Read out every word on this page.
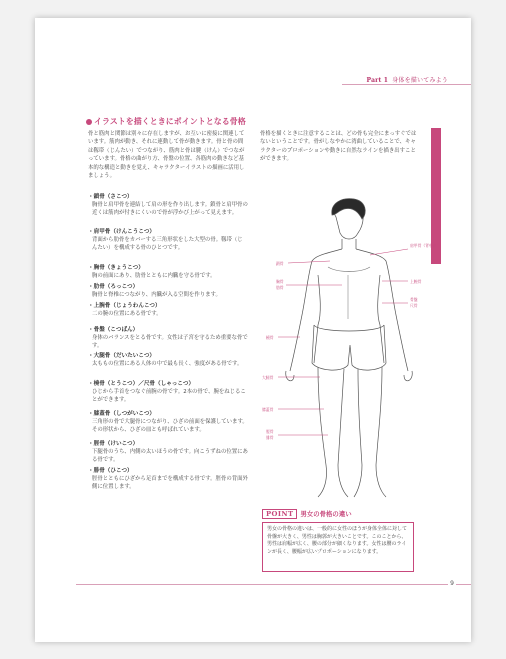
Part 1 身体を描いてみよう
イラストを描くときにポイントとなる骨格
骨と筋肉と関節は別々に存在しますが、お互いに密接に関連しています。筋肉が動き、それに連動して骨が動きます。骨と骨の間は靱帯（じんたい）でつながり、筋肉と骨は腱（けん）でつながっています。骨格の曲がり方、骨盤の位置、各筋肉の動きなど基本的な構造と動きを覚え、キャラクターイラストの描画に活用しましょう。
・鎖骨（さこつ）
胸骨と肩甲骨を連結して肩の形を作り出します。鎖骨と肩甲骨の近くは筋肉が付きにくいので骨が浮かび上がって見えます。
・肩甲骨（けんこうこつ）
背面から肋骨をカバーする三角形状をした大型の骨。靱帯（じんたい）を構成する骨のひとつです。
・胸骨（きょうこつ）
胸の前面にあり、肋骨とともに内臓を守る骨です。
・肋骨（ろっこつ）
胸骨と脊椎につながり、内臓が入る空間を作ります。
・上腕骨（じょうわんこつ）
二の腕の位置にある骨です。
・骨盤（こつばん）
身体のバランスをとる骨です。女性は子宮を守るため重要な骨です。
・大腿骨（だいたいこつ）
太ももの位置にある人体の中で最も長く、強度がある骨です。
・橈骨（とうこつ）／尺骨（しゃっこつ）
ひじから手首をつなぐ前腕の骨です。2本の骨で、腕をねじることができます。
・膝蓋骨（しつがいこつ）
三角形の骨で大腿骨につながり、ひざの前面を保護しています。その形状から、ひざの皿とも呼ばれています。
・脛骨（けいこつ）
下腿骨のうち、内側の太いほうの骨です。向こうずねの位置にある骨です。
・腓骨（ひこつ）
脛骨とともにひざから足首までを構成する骨です。脛骨の背面外側に位置します。
骨格を描くときに注意することは、どの骨も完全にまっすぐではないということです。骨がしなやかに湾曲していることで、キャラクターのプロポーションや動きに自然なラインを描き出すことができます。
肩甲骨（背中側）
上腕骨
骨盤
尺骨
鎖骨
胸骨
肋骨
橈骨
大腿骨
膝蓋骨
脛骨
腓骨
POINT 男女の骨格の違い
男女の骨格の違いは、一般的に女性のほうが身体全体に対して骨盤が大きく、男性は胸郭が大きいことです。このことから、男性は肩幅が広く、腰の部分が細くなります。女性は腰のラインが長く、腰幅が広いプロポーションになります。
9
